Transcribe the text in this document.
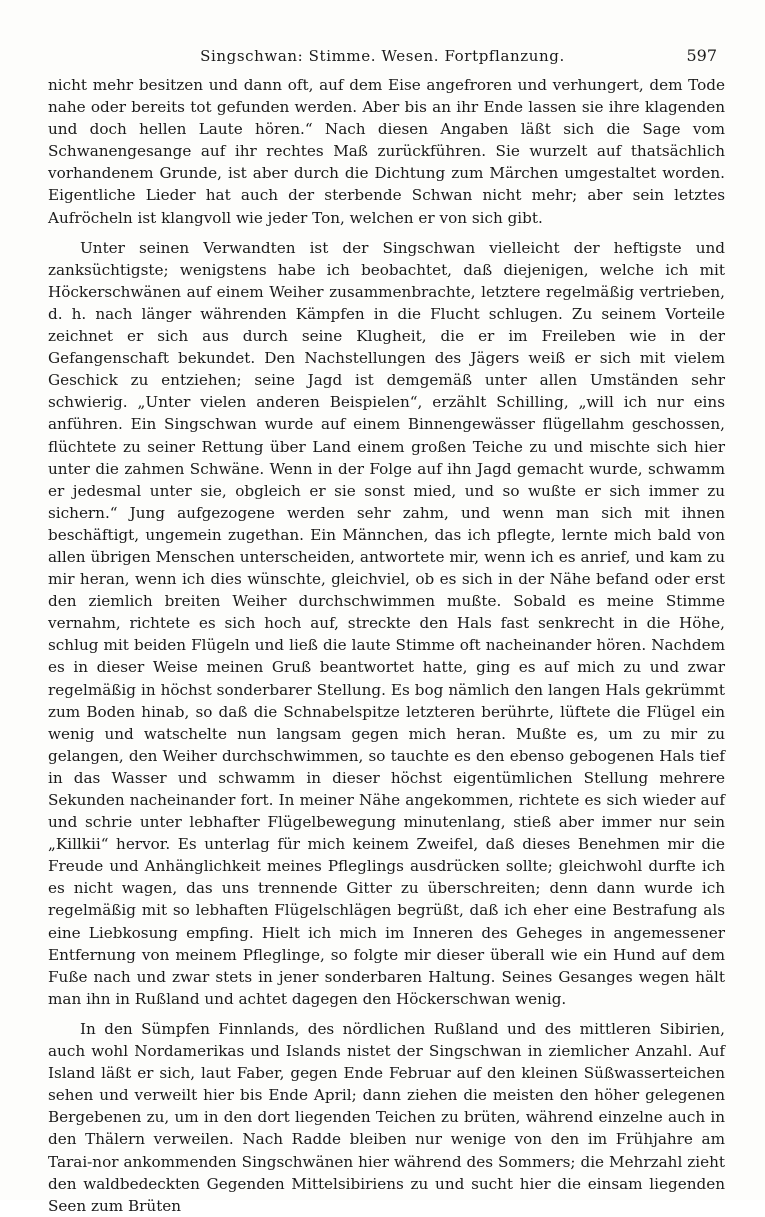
Singschwan: Stimme. Wesen. Fortpflanzung.	597

nicht mehr besitzen und dann oft, auf dem Eise angefroren und verhungert, dem Tode nahe oder bereits tot gefunden werden. Aber bis an ihr Ende lassen sie ihre klagenden und doch hellen Laute hören.“ Nach diesen Angaben läßt sich die Sage vom Schwanengesange auf ihr rechtes Maß zurückführen. Sie wurzelt auf thatsächlich vorhandenem Grunde, ist aber durch die Dichtung zum Märchen umgestaltet worden. Eigentliche Lieder hat auch der sterbende Schwan nicht mehr; aber sein letztes Aufröcheln ist klangvoll wie jeder Ton, welchen er von sich gibt.

Unter seinen Verwandten ist der Singschwan vielleicht der heftigste und zanksüchtigste; wenigstens habe ich beobachtet, daß diejenigen, welche ich mit Höckerschwänen auf einem Weiher zusammenbrachte, letztere regelmäßig vertrieben, d. h. nach länger währenden Kämpfen in die Flucht schlugen. Zu seinem Vorteile zeichnet er sich aus durch seine Klugheit, die er im Freileben wie in der Gefangenschaft bekundet. Den Nachstellungen des Jägers weiß er sich mit vielem Geschick zu entziehen; seine Jagd ist demgemäß unter allen Umständen sehr schwierig. „Unter vielen anderen Beispielen“, erzählt Schilling, „will ich nur eins anführen. Ein Singschwan wurde auf einem Binnengewässer flügellahm geschossen, flüchtete zu seiner Rettung über Land einem großen Teiche zu und mischte sich hier unter die zahmen Schwäne. Wenn in der Folge auf ihn Jagd gemacht wurde, schwamm er jedesmal unter sie, obgleich er sie sonst mied, und so wußte er sich immer zu sichern.“ Jung aufgezogene werden sehr zahm, und wenn man sich mit ihnen beschäftigt, ungemein zugethan. Ein Männchen, das ich pflegte, lernte mich bald von allen übrigen Menschen unterscheiden, antwortete mir, wenn ich es anrief, und kam zu mir heran, wenn ich dies wünschte, gleichviel, ob es sich in der Nähe befand oder erst den ziemlich breiten Weiher durchschwimmen mußte. Sobald es meine Stimme vernahm, richtete es sich hoch auf, streckte den Hals fast senkrecht in die Höhe, schlug mit beiden Flügeln und ließ die laute Stimme oft nacheinander hören. Nachdem es in dieser Weise meinen Gruß beantwortet hatte, ging es auf mich zu und zwar regelmäßig in höchst sonderbarer Stellung. Es bog nämlich den langen Hals gekrümmt zum Boden hinab, so daß die Schnabelspitze letzteren berührte, lüftete die Flügel ein wenig und watschelte nun langsam gegen mich heran. Mußte es, um zu mir zu gelangen, den Weiher durchschwimmen, so tauchte es den ebenso gebogenen Hals tief in das Wasser und schwamm in dieser höchst eigentümlichen Stellung mehrere Sekunden nacheinander fort. In meiner Nähe angekommen, richtete es sich wieder auf und schrie unter lebhafter Flügelbewegung minutenlang, stieß aber immer nur sein „Killkii“ hervor. Es unterlag für mich keinem Zweifel, daß dieses Benehmen mir die Freude und Anhänglichkeit meines Pfleglings ausdrücken sollte; gleichwohl durfte ich es nicht wagen, das uns trennende Gitter zu überschreiten; denn dann wurde ich regelmäßig mit so lebhaften Flügelschlägen begrüßt, daß ich eher eine Bestrafung als eine Liebkosung empfing. Hielt ich mich im Inneren des Geheges in angemessener Entfernung von meinem Pfleglinge, so folgte mir dieser überall wie ein Hund auf dem Fuße nach und zwar stets in jener sonderbaren Haltung. Seines Gesanges wegen hält man ihn in Rußland und achtet dagegen den Höckerschwan wenig.

In den Sümpfen Finnlands, des nördlichen Rußland und des mittleren Sibirien, auch wohl Nordamerikas und Islands nistet der Singschwan in ziemlicher Anzahl. Auf Island läßt er sich, laut Faber, gegen Ende Februar auf den kleinen Süßwasserteichen sehen und verweilt hier bis Ende April; dann ziehen die meisten den höher gelegenen Bergebenen zu, um in den dort liegenden Teichen zu brüten, während einzelne auch in den Thälern verweilen. Nach Radde bleiben nur wenige von den im Frühjahre am Tarai-nor ankommenden Singschwänen hier während des Sommers; die Mehrzahl zieht den waldbedeckten Gegenden Mittelsibiriens zu und sucht hier die einsam liegenden Seen zum Brüten
